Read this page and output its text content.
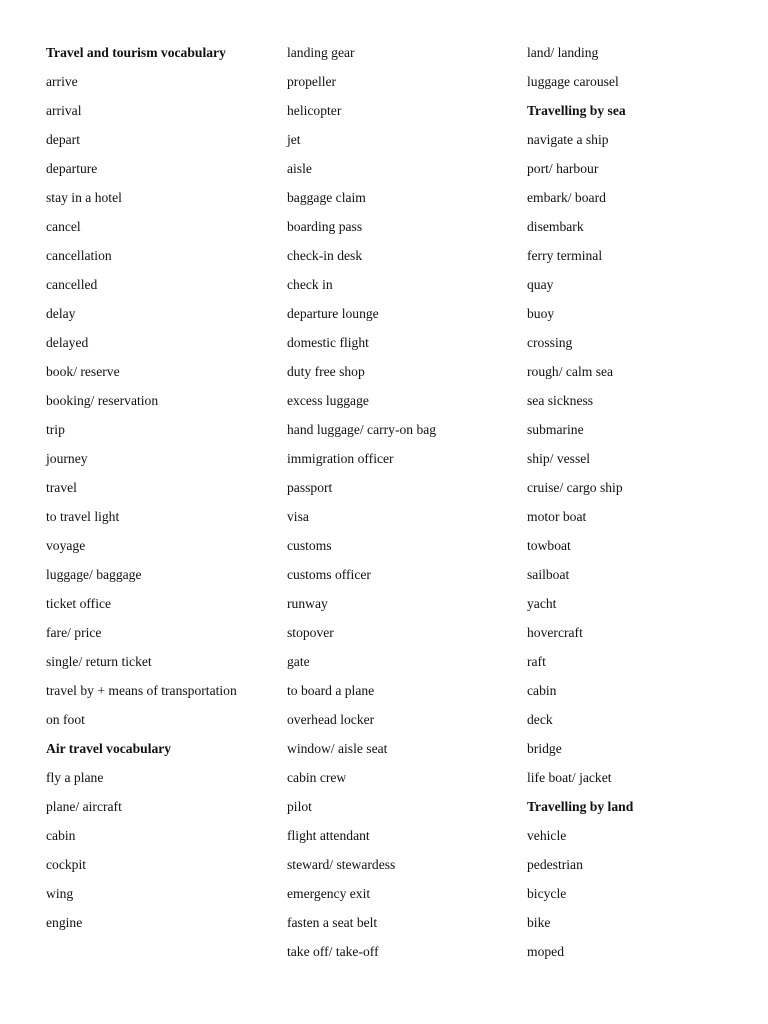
Travel and tourism vocabulary

arrive

arrival

depart

departure

stay in a hotel

cancel

cancellation

cancelled

delay

delayed

book/ reserve

booking/ reservation

trip

journey

travel

to travel light

voyage

luggage/ baggage

ticket office

fare/ price

single/ return ticket

travel by + means of transportation

on foot

Air travel vocabulary

fly a plane

plane/ aircraft

cabin

cockpit

wing

engine

landing gear

propeller

helicopter

jet

aisle

baggage claim

boarding pass

check-in desk

check in

departure lounge

domestic flight

duty free shop

excess luggage

hand luggage/ carry-on bag

immigration officer

passport

visa

customs

customs officer

runway

stopover

gate

to board a plane

overhead locker

window/ aisle seat

cabin crew

pilot

flight attendant

steward/ stewardess

emergency exit

fasten a seat belt

take off/ take-off

land/ landing

luggage carousel

Travelling by sea

navigate a ship

port/ harbour

embark/ board

disembark

ferry terminal

quay

buoy

crossing

rough/ calm sea

sea sickness

submarine

ship/ vessel

cruise/ cargo ship

motor boat

towboat

sailboat

yacht

hovercraft

raft

cabin

deck

bridge

life boat/ jacket

Travelling by land

vehicle

pedestrian

bicycle

bike

moped
